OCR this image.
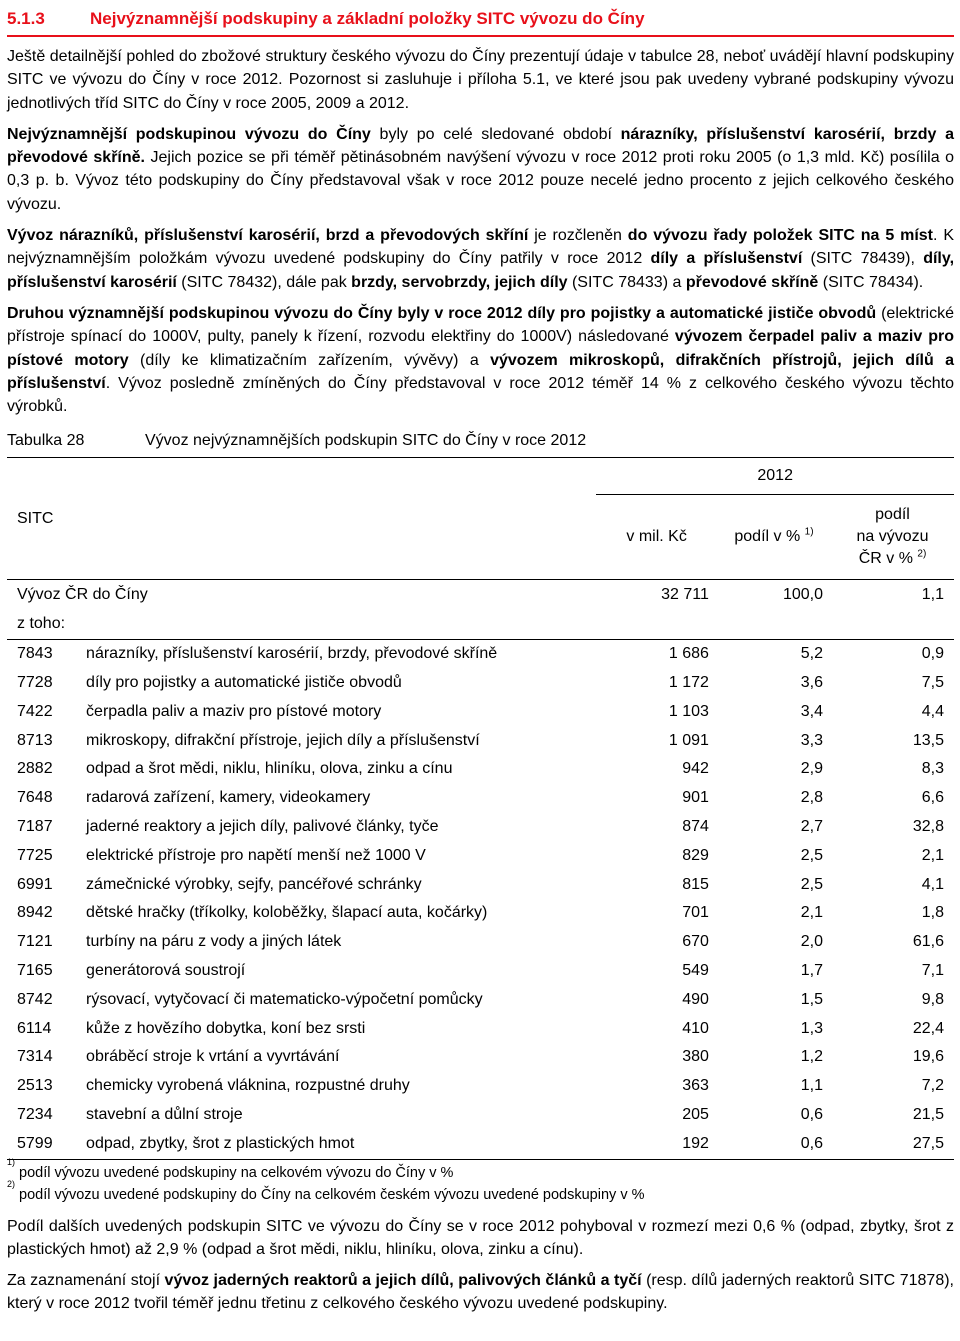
5.1.3	Nejvýznamnější podskupiny a základní položky SITC vývozu do Číny

Ještě detailnější pohled do zbožové struktury českého vývozu do Číny prezentují údaje v tabulce 28, neboť uvádějí hlavní podskupiny SITC ve vývozu do Číny v roce 2012. Pozornost si zasluhuje i příloha 5.1, ve které jsou pak uvedeny vybrané podskupiny vývozu jednotlivých tříd SITC do Číny v roce 2005, 2009 a 2012.

Nejvýznamnější podskupinou vývozu do Číny byly po celé sledované období nárazníky, příslušenství karosérií, brzdy a převodové skříně. Jejich pozice se při téměř pětinásobném navýšení vývozu v roce 2012 proti roku 2005 (o 1,3 mld. Kč) posílila o 0,3 p. b. Vývoz této podskupiny do Číny představoval však v roce 2012 pouze necelé jedno procento z jejich celkového českého vývozu.

Vývoz nárazníků, příslušenství karosérií, brzd a převodových skříní je rozčleněn do vývozu řady položek SITC na 5 míst. K nejvýznamnějším položkám vývozu uvedené podskupiny do Číny patřily v roce 2012 díly a příslušenství (SITC 78439), díly, příslušenství karosérií (SITC 78432), dále pak brzdy, servobrzdy, jejich díly (SITC 78433) a převodové skříně (SITC 78434).

Druhou významnější podskupinou vývozu do Číny byly v roce 2012 díly pro pojistky a automatické jističe obvodů (elektrické přístroje spínací do 1000V, pulty, panely k řízení, rozvodu elektřiny do 1000V) následované vývozem čerpadel paliv a maziv pro pístové motory (díly ke klimatizačním zařízením, vývěvy) a vývozem mikroskopů, difrakčních přístrojů, jejich dílů a příslušenství. Vývoz posledně zmíněných do Číny představoval v roce 2012 téměř 14 % z celkového českého vývozu těchto výrobků.

Tabulka 28	Vývoz nejvýznamnějších podskupin SITC do Číny v roce 2012
SITC		2012		
		v mil. Kč	podíl v % $^{1)}$	podíl
na vývozu
ČR v % $^{2)}$

Vývoz ČR do Číny		32 711	100,0	1,1
z toho:				
7843	nárazníky, příslušenství karosérií, brzdy, převodové skříně	1 686	5,2	0,9
7728	díly pro pojistky a automatické jističe obvodů	1 172	3,6	7,5
7422	čerpadla paliv a maziv pro pístové motory	1 103	3,4	4,4
8713	mikroskopy, difrakční přístroje, jejich díly a příslušenství	1 091	3,3	13,5
2882	odpad a šrot mědi, niklu, hliníku, olova, zinku a cínu	942	2,9	8,3
7648	radarová zařízení, kamery, videokamery	901	2,8	6,6
7187	jaderné reaktory a jejich díly, palivové články, tyče	874	2,7	32,8
7725	elektrické přístroje pro napětí menší než 1000 V	829	2,5	2,1
6991	zámečnické výrobky, sejfy, pancéřové schránky	815	2,5	4,1
8942	dětské hračky (tříkolky, koloběžky, šlapací auta, kočárky)	701	2,1	1,8
7121	turbíny na páru z vody a jiných látek	670	2,0	61,6
7165	generátorová soustrojí	549	1,7	7,1
8742	rýsovací, vytyčovací či matematicko-výpočetní pomůcky	490	1,5	9,8
6114	kůže z hovězího dobytka, koní bez srsti	410	1,3	22,4
7314	obráběcí stroje k vrtání a vyvrtávání	380	1,2	19,6
2513	chemicky vyrobená vláknina, rozpustné druhy	363	1,1	7,2
7234	stavební a důlní stroje	205	0,6	21,5
5799	odpad, zbytky, šrot z plastických hmot	192	0,6	27,5
1)
podíl vývozu uvedené podskupiny na celkovém vývozu do Číny v %
2)
podíl vývozu uvedené podskupiny do Číny na celkovém českém vývozu uvedené podskupiny v %

Podíl dalších uvedených podskupin SITC ve vývozu do Číny se v roce 2012 pohyboval v rozmezí mezi 0,6 % (odpad, zbytky, šrot z plastických hmot) až 2,9 % (odpad a šrot mědi, niklu, hliníku, olova, zinku a cínu).

Za zaznamenání stojí vývoz jaderných reaktorů a jejich dílů, palivových článků a tyčí (resp. dílů jaderných reaktorů SITC 71878), který v roce 2012 tvořil téměř jednu třetinu z celkového českého vývozu uvedené podskupiny.
